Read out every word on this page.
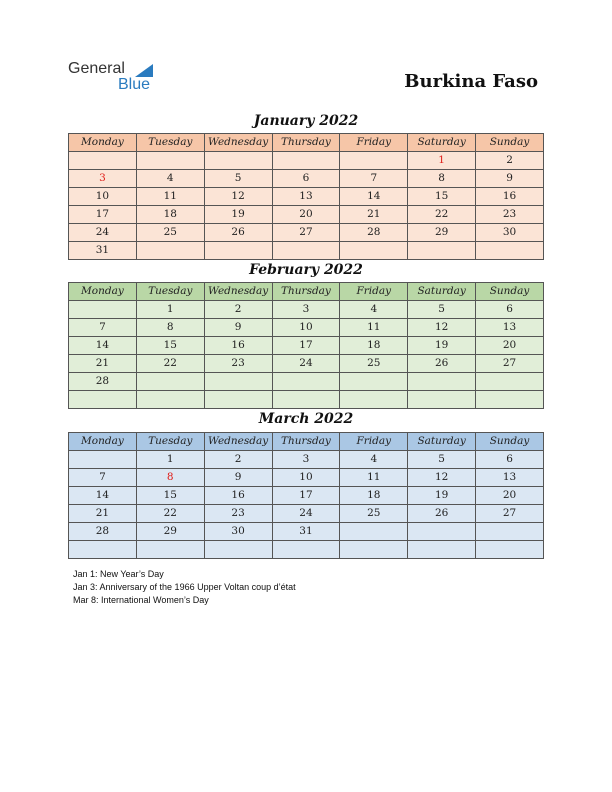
General
Blue	Burkina Faso
January 2022
Monday	Tuesday	Wednesday	Thursday	Friday	Saturday	Sunday
					1	2
3	4	5	6	7	8	9
10	11	12	13	14	15	16
17	18	19	20	21	22	23
24	25	26	27	28	29	30
31						
February 2022
Monday	Tuesday	Wednesday	Thursday	Friday	Saturday	Sunday
	1	2	3	4	5	6
7	8	9	10	11	12	13
14	15	16	17	18	19	20
21	22	23	24	25	26	27
28						

March 2022
Monday	Tuesday	Wednesday	Thursday	Friday	Saturday	Sunday
	1	2	3	4	5	6
7	8	9	10	11	12	13
14	15	16	17	18	19	20
21	22	23	24	25	26	27
28	29	30	31			

Jan 1: New Year’s Day
Jan 3: Anniversary of the 1966 Upper Voltan coup d’état
Mar 8: International Women’s Day
